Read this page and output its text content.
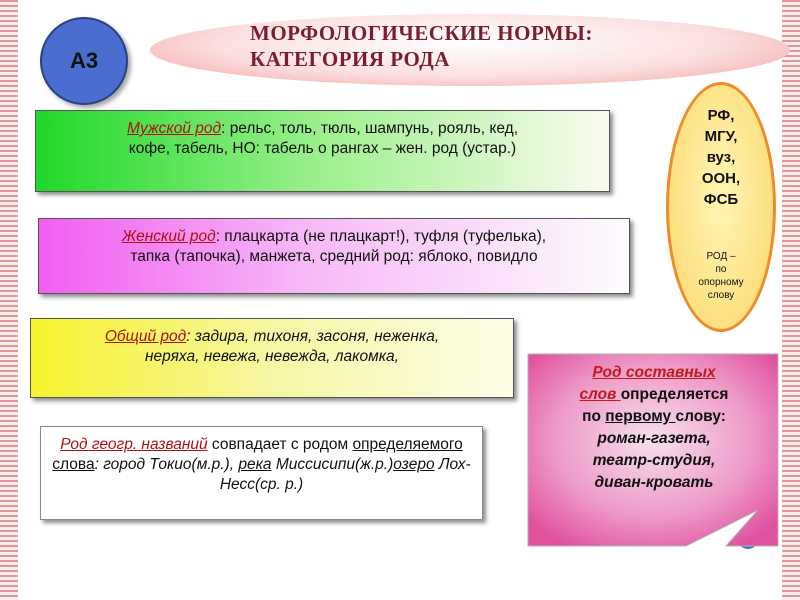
МОРФОЛОГИЧЕСКИЕ НОРМЫ:
КАТЕГОРИЯ РОДА
A3
Мужской род: рельс, толь, тюль, шампунь, рояль, кед,
кофе, табель, НО: табель о рангах – жен. род (устар.)
Женский род: плацкарта (не плацкарт!), туфля (туфелька),
тапка (тапочка), манжета, средний род: яблоко, повидло
Общий род: задира, тихоня, засоня, неженка,
неряха, невежа, невежда, лакомка,
Род геогр. названий совпадает с родом определяемого слова: город Токио(м.р.), река Миссисипи(ж.р.)озеро Лох-Несс(ср. р.)
РФ,
МГУ,
вуз,
ООН,
ФСБ
РОД –
по
опорному
слову
Род составных
слов определяется
по первому слову:
роман-газета,
театр-студия,
диван-кровать
